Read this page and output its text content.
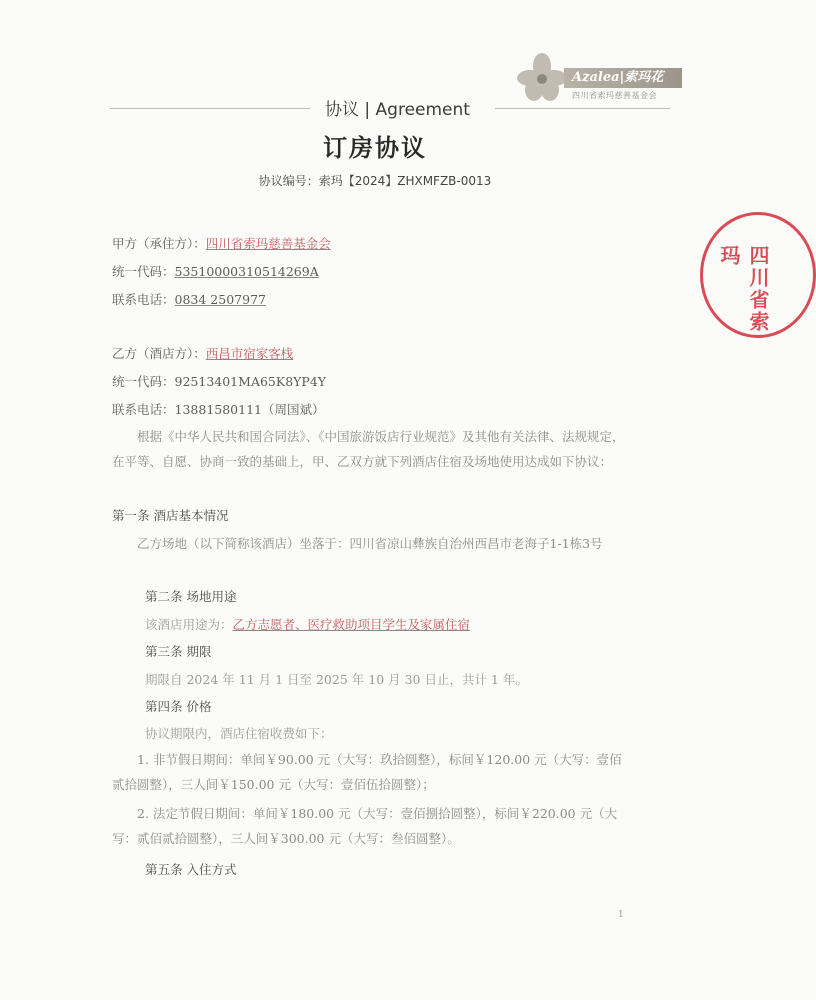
Azalea|索玛花
四川省索玛慈善基金会
协议 | Agreement
订房协议
协议编号：索玛【2024】ZHXMFZB-0013
甲方（承住方）：四川省索玛慈善基金会
统一代码：53510000310514269A
联系电话：0834 2507977
乙方（酒店方）：西昌市宿家客栈
统一代码：92513401MA65K8YP4Y
联系电话：13881580111（周国斌）
根据《中华人民共和国合同法》、《中国旅游饭店行业规范》及其他有关法律、法规规定，在平等、自愿、协商一致的基础上，甲、乙双方就下列酒店住宿及场地使用达成如下协议：
第一条 酒店基本情况
乙方场地（以下简称该酒店）坐落于：四川省凉山彝族自治州西昌市老海子1-1栋3号
第二条 场地用途
该酒店用途为：乙方志愿者、医疗救助项目学生及家属住宿
第三条 期限
期限自 2024 年 11 月 1 日至 2025 年 10 月 30 日止，共计 1 年。
第四条 价格
协议期限内，酒店住宿收费如下：
1. 非节假日期间：单间￥90.00 元（大写：玖拾圆整），标间￥120.00 元（大写：壹佰贰拾圆整），三人间￥150.00 元（大写：壹佰伍拾圆整）；
2. 法定节假日期间：单间￥180.00 元（大写：壹佰捌拾圆整），标间￥220.00 元（大写：贰佰贰拾圆整），三人间￥300.00 元（大写：叁佰圆整）。
第五条 入住方式
四川省索玛
1
